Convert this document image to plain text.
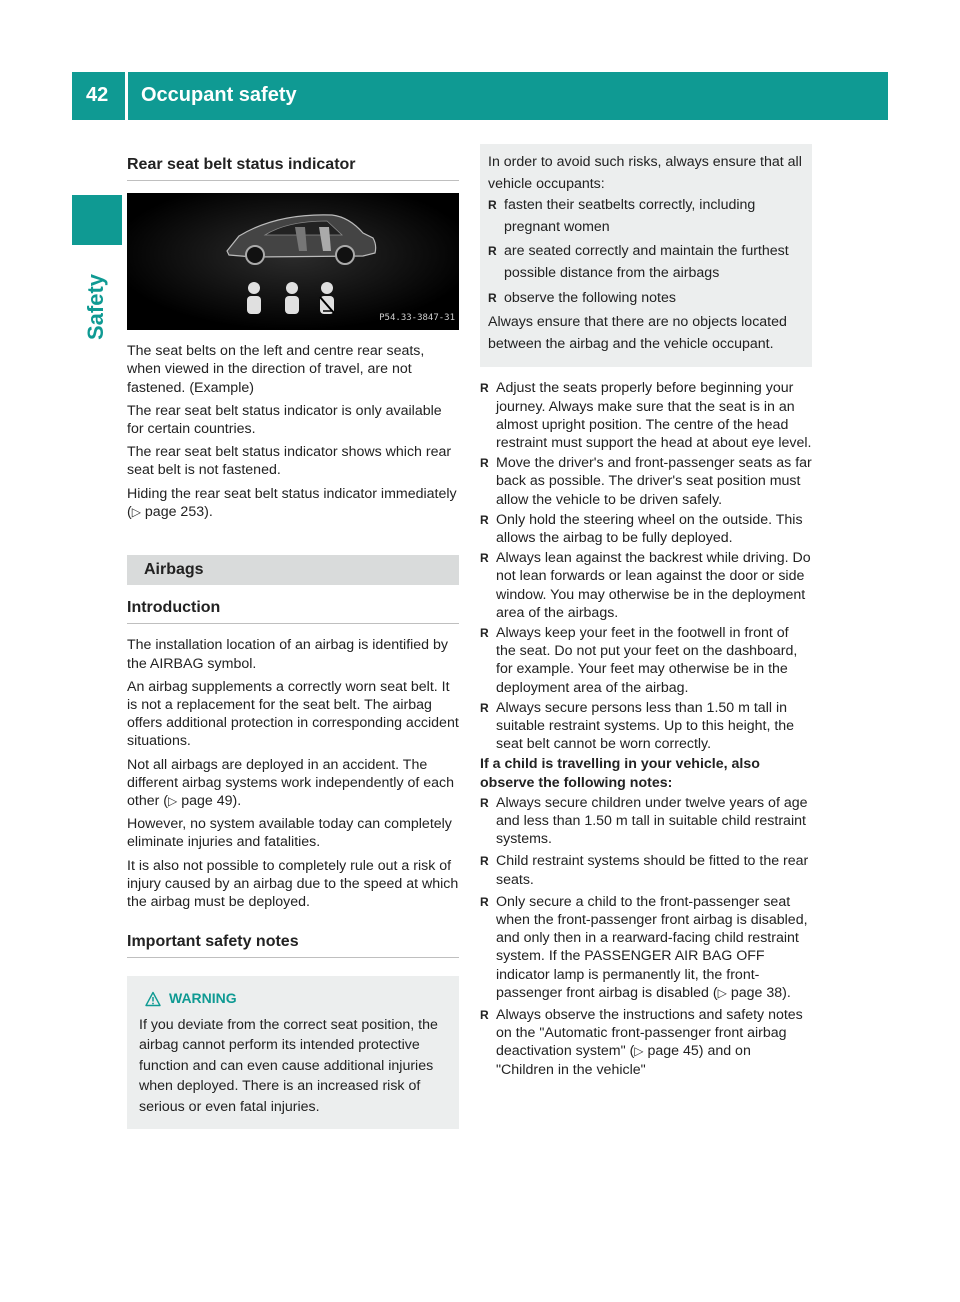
42 Occupant safety
Safety
Rear seat belt status indicator
P54.33-3847-31

The seat belts on the left and centre rear seats, when viewed in the direction of travel, are not fastened. (Example)

The rear seat belt status indicator is only available for certain countries.

The rear seat belt status indicator shows which rear seat belt is not fastened.

Hiding the rear seat belt status indicator immediately (▷ page 253).

Airbags
Introduction

The installation location of an airbag is identified by the AIRBAG symbol.

An airbag supplements a correctly worn seat belt. It is not a replacement for the seat belt. The airbag offers additional protection in corresponding accident situations.

Not all airbags are deployed in an accident. The different airbag systems work independently of each other (▷ page 49).

However, no system available today can completely eliminate injuries and fatalities.

It is also not possible to completely rule out a risk of injury caused by an airbag due to the speed at which the airbag must be deployed.

Important safety notes
WARNING
If you deviate from the correct seat position, the airbag cannot perform its intended protective function and can even cause additional injuries when deployed. There is an increased risk of serious or even fatal injuries.

In order to avoid such risks, always ensure that all vehicle occupants:

R fasten their seatbelts correctly, including pregnant women
R are seated correctly and maintain the furthest possible distance from the airbags
R observe the following notes

Always ensure that there are no objects located between the airbag and the vehicle occupant.

R Adjust the seats properly before beginning your journey. Always make sure that the seat is in an almost upright position. The centre of the head restraint must support the head at about eye level.
R Move the driver's and front-passenger seats as far back as possible. The driver's seat position must allow the vehicle to be driven safely.
R Only hold the steering wheel on the outside. This allows the airbag to be fully deployed.
R Always lean against the backrest while driving. Do not lean forwards or lean against the door or side window. You may otherwise be in the deployment area of the airbags.
R Always keep your feet in the footwell in front of the seat. Do not put your feet on the dashboard, for example. Your feet may otherwise be in the deployment area of the airbag.
R Always secure persons less than 1.50 m tall in suitable restraint systems. Up to this height, the seat belt cannot be worn correctly.

If a child is travelling in your vehicle, also observe the following notes:

R Always secure children under twelve years of age and less than 1.50 m tall in suitable child restraint systems.
R Child restraint systems should be fitted to the rear seats.
R Only secure a child to the front-passenger seat when the front-passenger front airbag is disabled, and only then in a rearward-facing child restraint system. If the PASSENGER AIR BAG OFF indicator lamp is permanently lit, the front-passenger front airbag is disabled (▷ page 38).
R Always observe the instructions and safety notes on the "Automatic front-passenger front airbag deactivation system" (▷ page 45) and on "Children in the vehicle"
